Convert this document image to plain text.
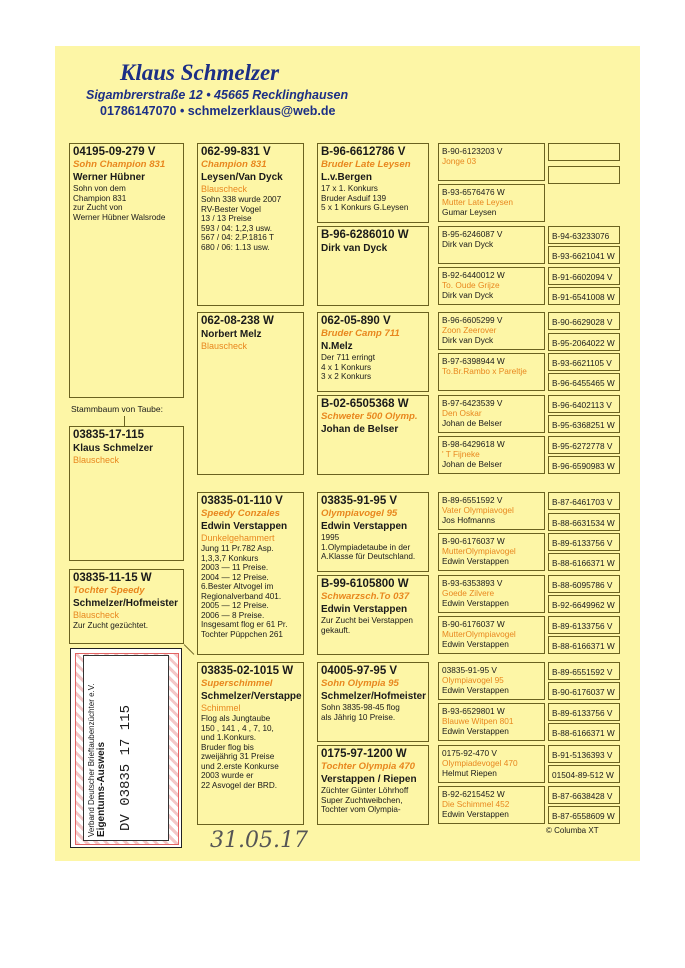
Klaus Schmelzer
Sigambrerstraße 12 • 45665 Recklinghausen
01786147070 • schmelzerklaus@web.de
04195-09-279 V
Sohn Champion 831
Werner Hübner
Sohn von dem
Champion 831
zur Zucht von
Werner Hübner Walsrode
Stammbaum von Taube:
03835-17-115
Klaus Schmelzer
Blauscheck
03835-11-15 W
Tochter Speedy
Schmelzer/Hofmeister
Blauscheck
Zur Zucht gezüchtet.
062-99-831 V
Champion 831
Leysen/Van Dyck
Blauscheck
Sohn 338 wurde 2007
RV-Bester Vogel
13 / 13 Preise
593 / 04: 1,2,3 usw.
567 / 04: 2.P.1816 T
680 / 06: 1.13 usw.
062-08-238 W
Norbert Melz
Blauscheck
03835-01-110 V
Speedy Conzales
Edwin Verstappen
Dunkelgehammert
Jung 11 Pr.782 Asp.
1,3,3,7 Konkurs
2003 — 11 Preise.
2004 — 12 Preise.
6.Bester Altvogel im
Regionalverband 401.
2005 — 12 Preise.
2006 — 8 Preise.
Insgesamt flog er 61 Pr.
Tochter Püppchen 261
03835-02-1015 W
Superschimmel
Schmelzer/Verstappe
Schimmel
Flog als Jungtaube
150 , 141 , 4 , 7, 10,
und 1.Konkurs.
Bruder flog bis
zweijährig 31 Preise
und 2.erste Konkurse
2003 wurde er
22 Asvogel der BRD.
B-96-6612786 V
Bruder Late Leysen
L.v.Bergen
17 x 1. Konkurs
Bruder Asduif 139
5 x 1 Konkurs G.Leysen
B-96-6286010 W
Dirk van Dyck
062-05-890 V
Bruder Camp 711
N.Melz
Der 711 erringt
4 x 1 Konkurs
3 x 2 Konkurs
B-02-6505368 W
Schweter 500 Olymp.
Johan de Belser
03835-91-95 V
Olympiavogel 95
Edwin Verstappen
1995
1.Olympiadetaube in der
A.Klasse für Deutschland.
B-99-6105800 W
Schwarzsch.To 037
Edwin Verstappen
Zur Zucht bei Verstappen
gekauft.
04005-97-95 V
Sohn Olympia 95
Schmelzer/Hofmeister
Sohn 3835-98-45 flog
als Jährig 10 Preise.
0175-97-1200 W
Tochter Olympia 470
Verstappen / Riepen
Züchter Günter Löhrhoff
Super Zuchtweibchen,
Tochter vom Olympia-
B-90-6123203 V
Jonge 03
B-93-6576476 W
Mutter Late Leysen
Gumar Leysen
B-95-6246087 V
Dirk van Dyck
B-92-6440012 W
To. Oude Grijze
Dirk van Dyck
B-96-6605299 V
Zoon Zeerover
Dirk van Dyck
B-97-6398944 W
To.Br.Rambo x Pareltje
B-97-6423539 V
Den Oskar
Johan de Belser
B-98-6429618 W
' T Fijneke
Johan de Belser
B-89-6551592 V
Vater Olympiavogel
Jos Hofmanns
B-90-6176037 W
MutterOlympiavogel
Edwin Verstappen
B-93-6353893 V
Goede Zilvere
Edwin Verstappen
B-90-6176037 W
MutterOlympiavogel
Edwin Verstappen
03835-91-95 V
Olympiavogel 95
Edwin Verstappen
B-93-6529801 W
Blauwe Witpen 801
Edwin Verstappen
0175-92-470 V
Olympiadevogel 470
Helmut Riepen
B-92-6215452 W
Die Schimmel 452
Edwin Verstappen
B-94-63233076
B-93-6621041 W
B-91-6602094 V
B-91-6541008 W
B-90-6629028 V
B-95-2064022 W
B-93-6621105 V
B-96-6455465 W
B-96-6402113 V
B-95-6368251 W
B-95-6272778 V
B-96-6590983 W
B-87-6461703 V
B-88-6631534 W
B-89-6133756 V
B-88-6166371 W
B-88-6095786 V
B-92-6649962 W
B-89-6133756 V
B-88-6166371 W
B-89-6551592 V
B-90-6176037 W
B-89-6133756 V
B-88-6166371 W
B-91-5136393 V
01504-89-512 W
B-87-6638428 V
B-87-6558609 W
Verband Deutscher Brieftaubenzüchter e.V. Eigentums-Ausweis DV 03835 17 115
31.05.17	© Columba XT
